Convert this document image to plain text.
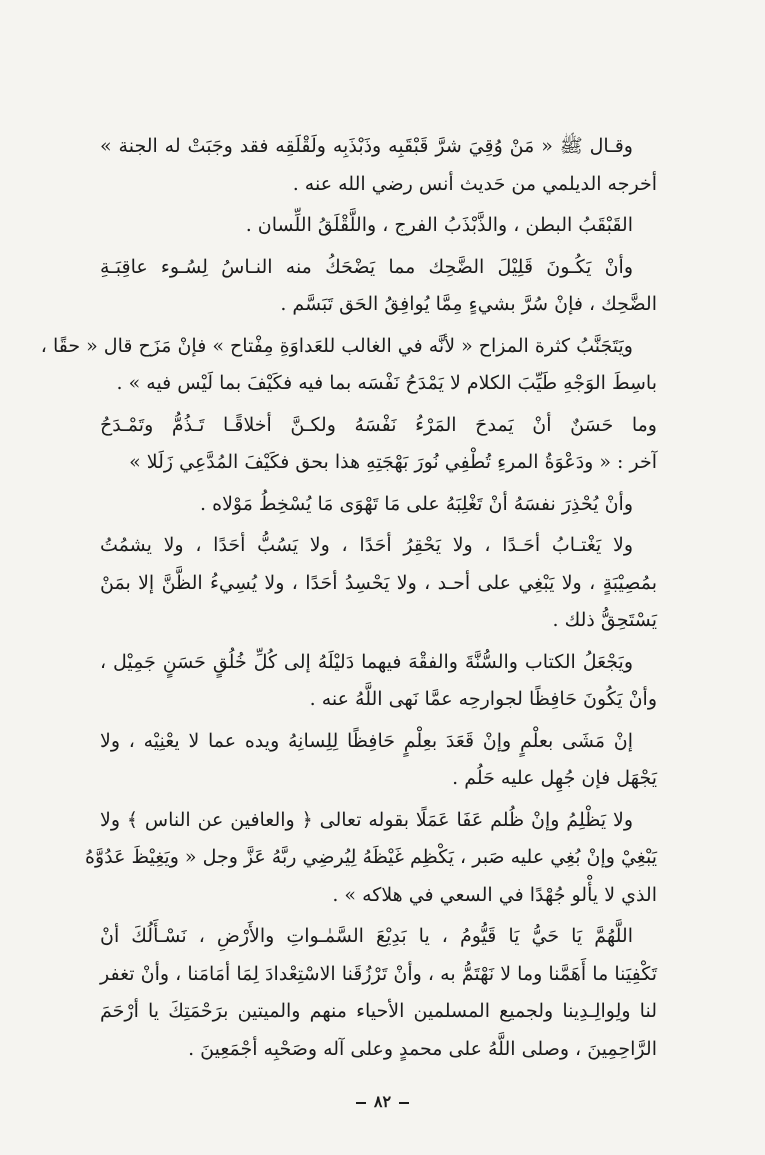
وقـال ﷺ « مَنْ وُقِيَ شرَّ قَبْقَبِه وذَبْذَبِه ولَقْلَقِه فقد وجَبَتْ له الجنة »
أخرجه الديلمي من حَديث أنس رضي الله عنه .
القَبْقَبُ البطن ، والذَّبْذَبُ الفرج ، واللَّقْلَقُ اللِّسان .
وأنْ يَكُـونَ قَلِيْلَ الضَّحِك مما يَضْحَكُ منه النـاسُ لِسُـوء عاقِبَـةِ
الضَّحِك ، فإنْ سُرَّ بشيءٍ مِمَّا يُوافِقُ الحَق تَبَسَّم .
ويَتَجَنَّبُ كثرة المزاح « لأنَّه في الغالب للعَداوَةِ مِفْتاح » فإنْ مَزَح قال « حقًا ،
باسِطَ الوَجْهِ طَيِّبَ الكلام لا يَمْدَحُ نَفْسَه بما فيه فكَيْفَ بما لَيْس فيه » .
وما حَسَنٌ أنْ يَمدحَ المَرْءُ نَفْسَهُ ولكـنَّ أخلاقًـا تَـذُمُّ وتَمْـدَحُ
آخر : « ودَعْوَةُ المرءِ تُطْفِي نُورَ بَهْجَتِهِ هذا بحق فكَيْفَ المُدَّعِي زَلَلا »
وأنْ يُحْذِرَ نفسَهُ أنْ تَغْلِبَهُ على مَا تَهْوَى مَا يُسْخِطُ مَوْلاه .
ولا يَغْتـابُ أحَـدًا ، ولا يَحْقِرُ أحَدًا ، ولا يَسُبُّ أحَدًا ، ولا يشمُتُ
بمُصِيْبَةٍ ، ولا يَبْغِي على أحـد ، ولا يَحْسِدُ أحَدًا ، ولا يُسِيءُ الظَّنَّ إلا بمَنْ
يَسْتَحِقُّ ذلك .
ويَجْعَلُ الكتاب والسُّنَّةَ والفقْهَ فيهما دَليْلَهُ إلى كُلِّ خُلُقٍ حَسَنٍ جَمِيْل ،
وأنْ يَكُونَ حَافِظًا لجوارحِه عمَّا نَهى اللَّهُ عنه .
إنْ مَشَى بعلْمٍ وإنْ قَعَدَ بعِلْمٍ حَافِظًا لِلِسانِهُ ويده عما لا يعْنِيْه ، ولا
يَجْهَل فإن جُهِل عليه حَلُم .
ولا يَظْلِمُ وإنْ ظُلم عَفَا عَمَلًا بقوله تعالى ﴿ والعافين عن الناس ﴾ ولا
يَبْغِيْ وإنْ بُغِي عليه صَبر ، يَكْظِم غَيْظَهُ لِيُرضِي ربَّهُ عَزَّ وجل « ويَغِيْظَ عَدُوَّهُ
الذي لا يأْلو جُهْدًا في السعي في هلاكه » .
اللَّهُمَّ يَا حَيُّ يَا قَيُّومُ ، يا بَدِيْعَ السَّمٰـواتِ والأَرْضِ ، نَسْـأَلُكَ أنْ
تَكْفِيَنا ما أَهَمَّنا وما لا نَهْتَمُّ به ، وأنْ تَرْزُقَنا الاسْتِعْدادَ لِمَا أمَامَنا ، وأنْ تغفر
لنا ولِوالِـدِينا ولجميع المسلمين الأحياء منهم والميتين برَحْمَتِكَ يا أرْحَمَ
الرَّاحِمِينَ ، وصلى اللَّهُ على محمدٍ وعلى آله وصَحْبِه أجْمَعِينَ .
٨٢
